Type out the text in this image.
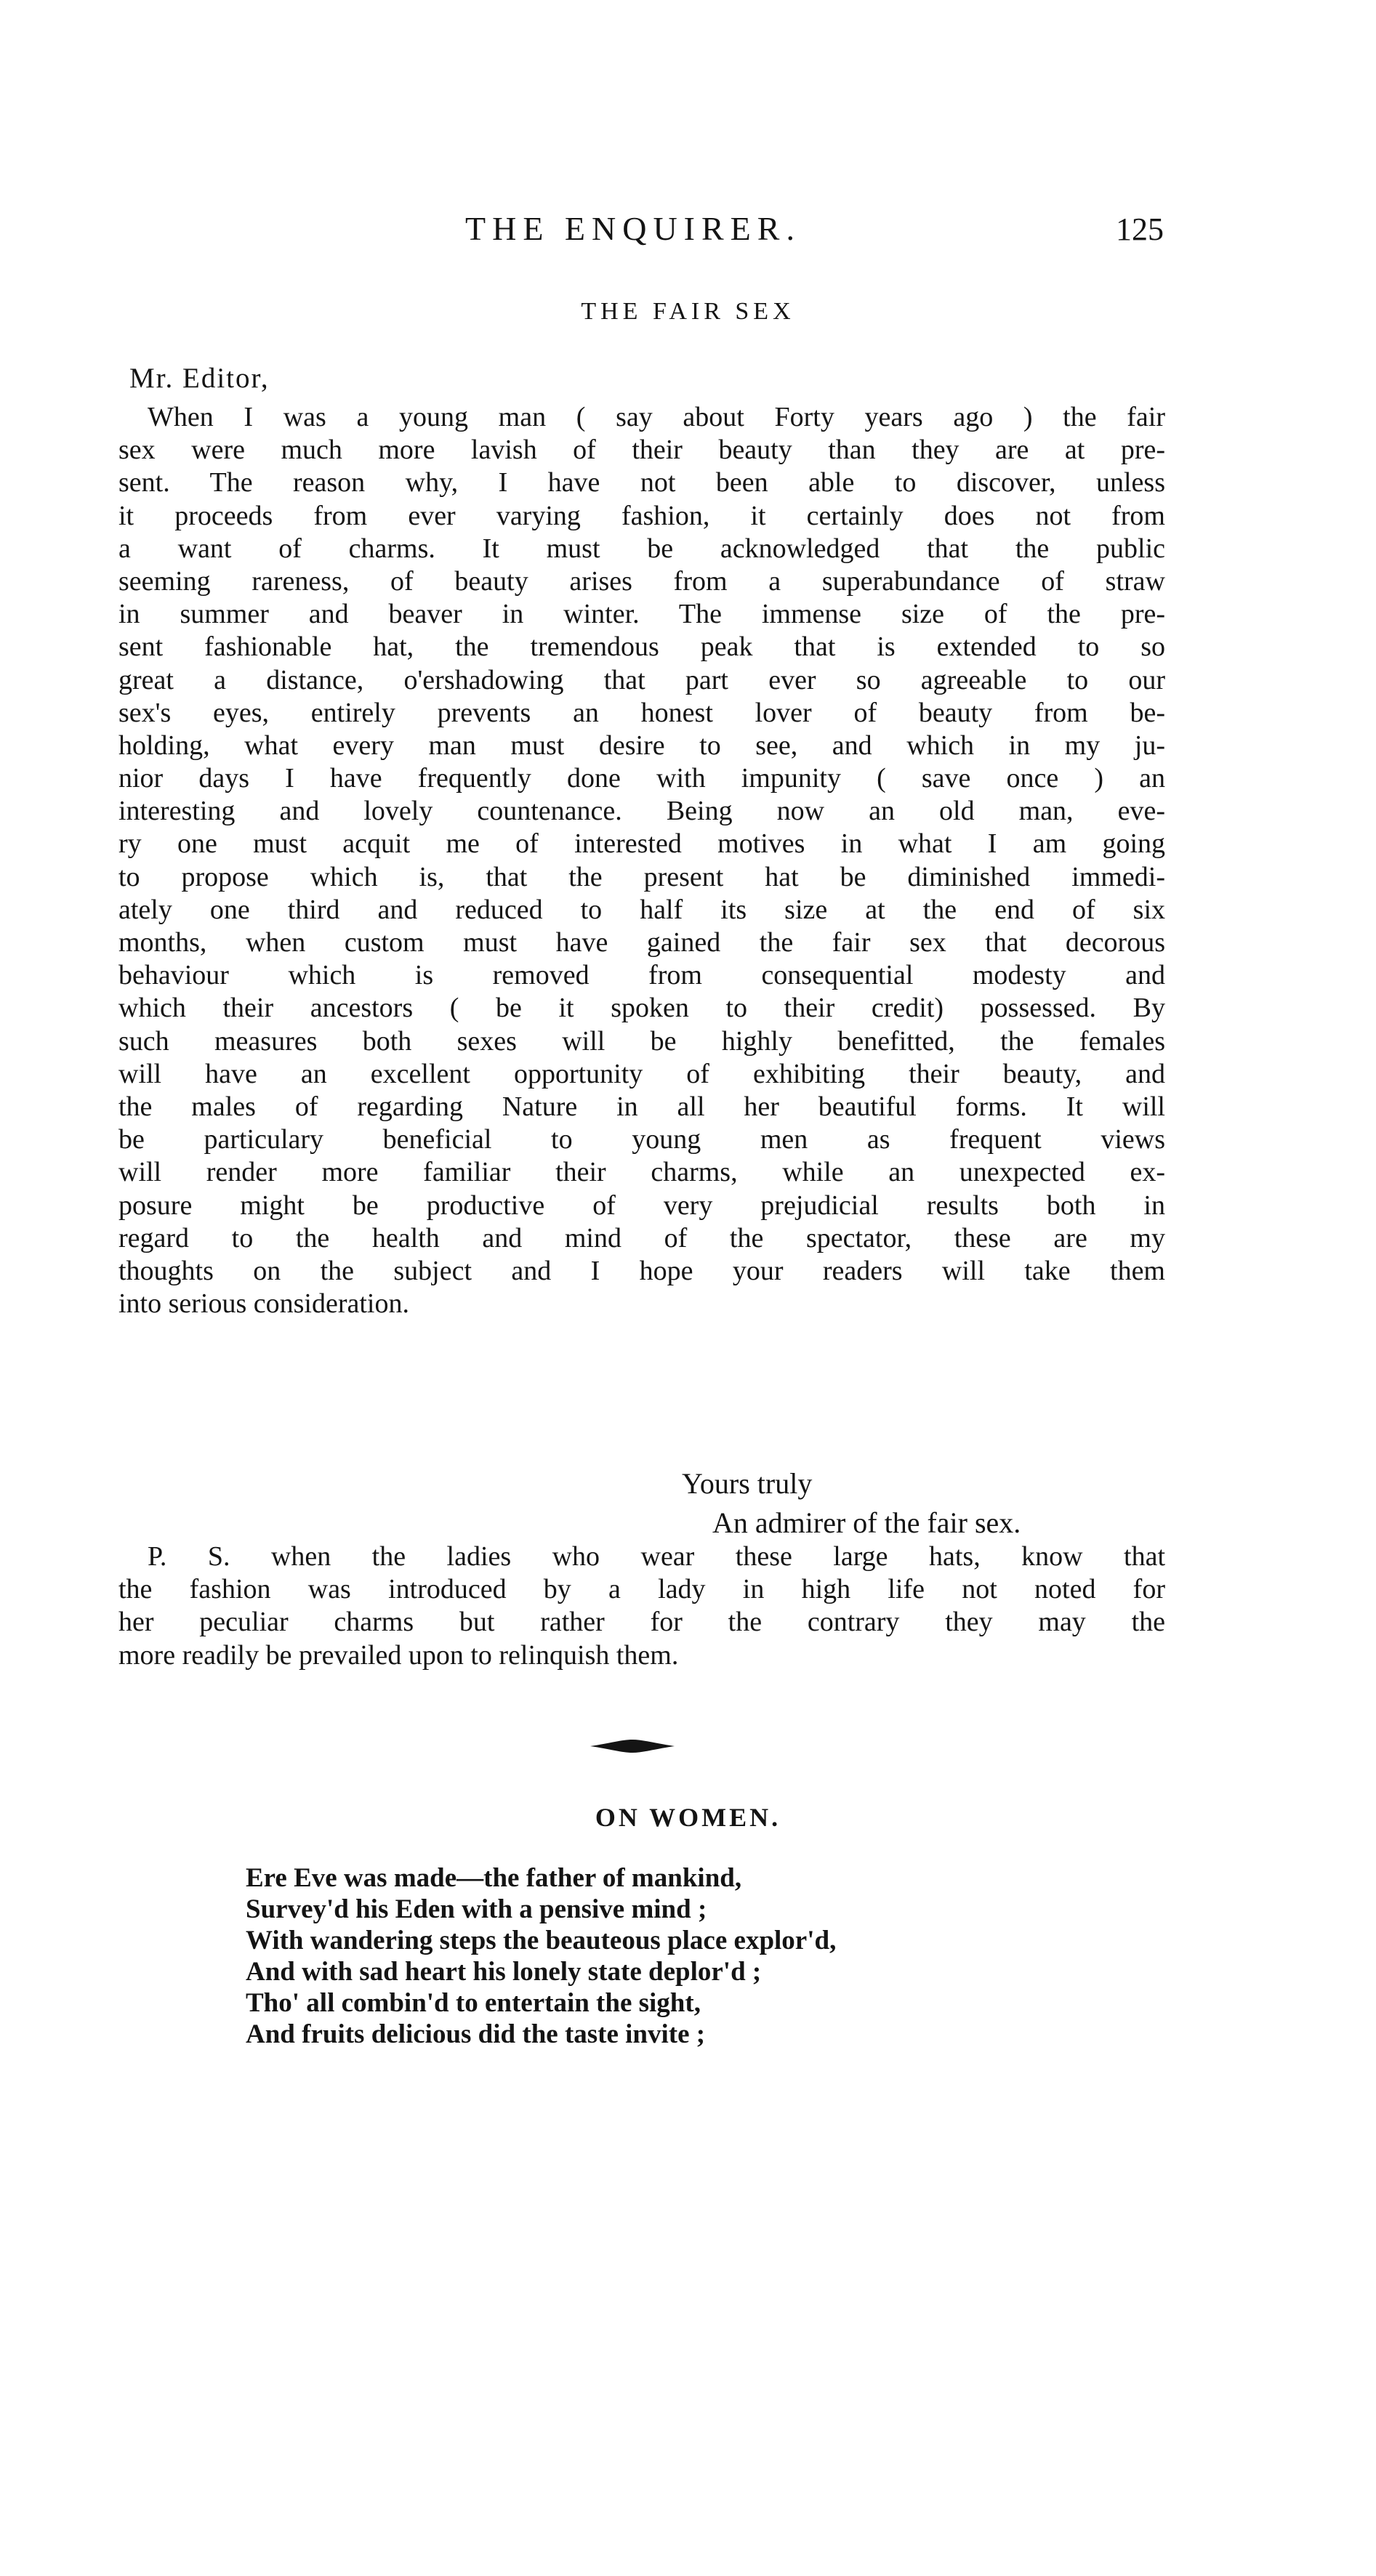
THE ENQUIRER.	125
THE FAIR SEX
Mr. Editor,
When I was a young man ( say about Forty years ago ) the fair
sex were much more lavish of their beauty than they are at pre-
sent. The reason why, I have not been able to discover, unless
it proceeds from ever varying fashion, it certainly does not from
a want of charms. It must be acknowledged that the public
seeming rareness, of beauty arises from a superabundance of straw
in summer and beaver in winter. The immense size of the pre-
sent fashionable hat, the tremendous peak that is extended to so
great a distance, o'ershadowing that part ever so agreeable to our
sex's eyes, entirely prevents an honest lover of beauty from be-
holding, what every man must desire to see, and which in my ju-
nior days I have frequently done with impunity ( save once ) an
interesting and lovely countenance. Being now an old man, eve-
ry one must acquit me of interested motives in what I am going
to propose which is, that the present hat be diminished immedi-
ately one third and reduced to half its size at the end of six
months, when custom must have gained the fair sex that decorous
behaviour which is removed from consequential modesty and
which their ancestors ( be it spoken to their credit) possessed. By
such measures both sexes will be highly benefitted, the females
will have an excellent opportunity of exhibiting their beauty, and
the males of regarding Nature in all her beautiful forms. It will
be particulary beneficial to young men as frequent views
will render more familiar their charms, while an unexpected ex-
posure might be productive of very prejudicial results both in
regard to the health and mind of the spectator, these are my
thoughts on the subject and I hope your readers will take them
into serious consideration.
Yours truly
An admirer of the fair sex.
P. S. when the ladies who wear these large hats, know that
the fashion was introduced by a lady in high life not noted for
her peculiar charms but rather for the contrary they may the
more readily be prevailed upon to relinquish them.
ON WOMEN.
Ere Eve was made—the father of mankind,
Survey'd his Eden with a pensive mind ;
With wandering steps the beauteous place explor'd,
And with sad heart his lonely state deplor'd ;
Tho' all combin'd to entertain the sight,
And fruits delicious did the taste invite ;
